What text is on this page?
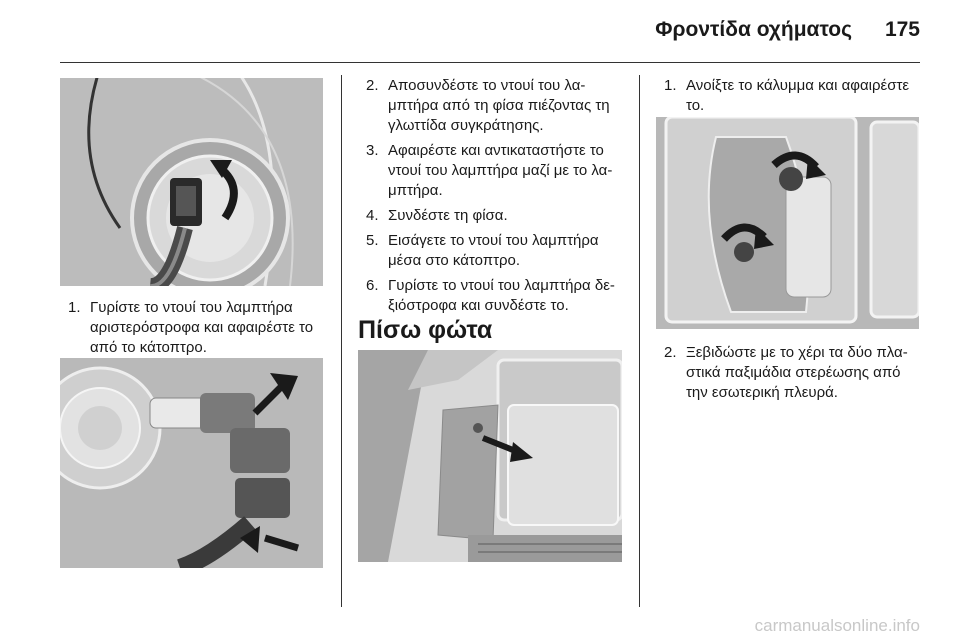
Φροντίδα οχήματος 175
1. Γυρίστε το ντουί του λαμπτήρα αριστερόστροφα και αφαιρέστε το από το κάτοπτρο.
2. Αποσυνδέστε το ντουί του λαμπτήρα από τη φίσα πιέζοντας τη γλωττίδα συγκράτησης.
3. Αφαιρέστε και αντικαταστήστε το ντουί του λαμπτήρα μαζί με το λαμπτήρα.
4. Συνδέστε τη φίσα.
5. Εισάγετε το ντουί του λαμπτήρα μέσα στο κάτοπτρο.
6. Γυρίστε το ντουί του λαμπτήρα δεξιόστροφα και συνδέστε το.
Πίσω φώτα
1. Ανοίξτε το κάλυμμα και αφαιρέστε το.
2. Ξεβιδώστε με το χέρι τα δύο πλαστικά παξιμάδια στερέωσης από την εσωτερική πλευρά.
carmanualsonline.info
